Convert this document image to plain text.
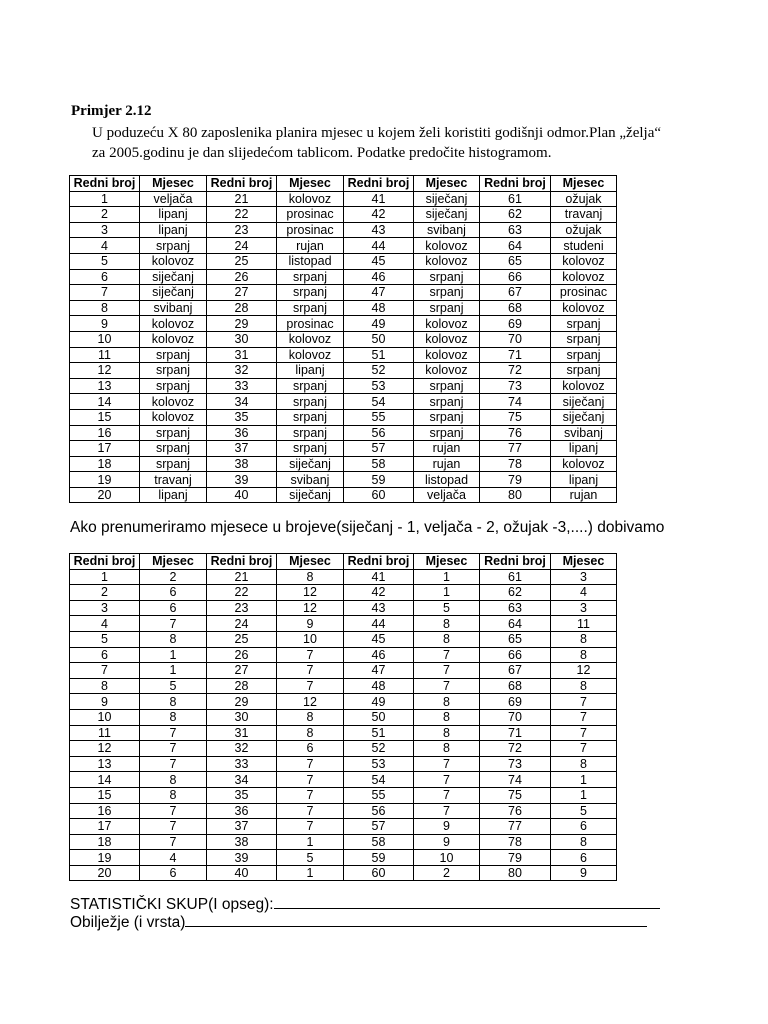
Primjer 2.12
U poduzeću X 80 zaposlenika planira mjesec u kojem želi koristiti godišnji odmor.Plan „želja“
za 2005.godinu je dan slijedećom tablicom. Podatke predočite histogramom.
Redni broj	Mjesec	Redni broj	Mjesec	Redni broj	Mjesec	Redni broj	Mjesec
1	veljača	21	kolovoz	41	siječanj	61	ožujak
2	lipanj	22	prosinac	42	siječanj	62	travanj
3	lipanj	23	prosinac	43	svibanj	63	ožujak
4	srpanj	24	rujan	44	kolovoz	64	studeni
5	kolovoz	25	listopad	45	kolovoz	65	kolovoz
6	siječanj	26	srpanj	46	srpanj	66	kolovoz
7	siječanj	27	srpanj	47	srpanj	67	prosinac
8	svibanj	28	srpanj	48	srpanj	68	kolovoz
9	kolovoz	29	prosinac	49	kolovoz	69	srpanj
10	kolovoz	30	kolovoz	50	kolovoz	70	srpanj
11	srpanj	31	kolovoz	51	kolovoz	71	srpanj
12	srpanj	32	lipanj	52	kolovoz	72	srpanj
13	srpanj	33	srpanj	53	srpanj	73	kolovoz
14	kolovoz	34	srpanj	54	srpanj	74	siječanj
15	kolovoz	35	srpanj	55	srpanj	75	siječanj
16	srpanj	36	srpanj	56	srpanj	76	svibanj
17	srpanj	37	srpanj	57	rujan	77	lipanj
18	srpanj	38	siječanj	58	rujan	78	kolovoz
19	travanj	39	svibanj	59	listopad	79	lipanj
20	lipanj	40	siječanj	60	veljača	80	rujan
Ako prenumeriramo mjesece u brojeve(siječanj - 1, veljača - 2, ožujak -3,....) dobivamo
Redni broj	Mjesec	Redni broj	Mjesec	Redni broj	Mjesec	Redni broj	Mjesec
1	2	21	8	41	1	61	3
2	6	22	12	42	1	62	4
3	6	23	12	43	5	63	3
4	7	24	9	44	8	64	11
5	8	25	10	45	8	65	8
6	1	26	7	46	7	66	8
7	1	27	7	47	7	67	12
8	5	28	7	48	7	68	8
9	8	29	12	49	8	69	7
10	8	30	8	50	8	70	7
11	7	31	8	51	8	71	7
12	7	32	6	52	8	72	7
13	7	33	7	53	7	73	8
14	8	34	7	54	7	74	1
15	8	35	7	55	7	75	1
16	7	36	7	56	7	76	5
17	7	37	7	57	9	77	6
18	7	38	1	58	9	78	8
19	4	39	5	59	10	79	6
20	6	40	1	60	2	80	9
STATISTIČKI SKUP(I opseg):
Obilježje (i vrsta)
